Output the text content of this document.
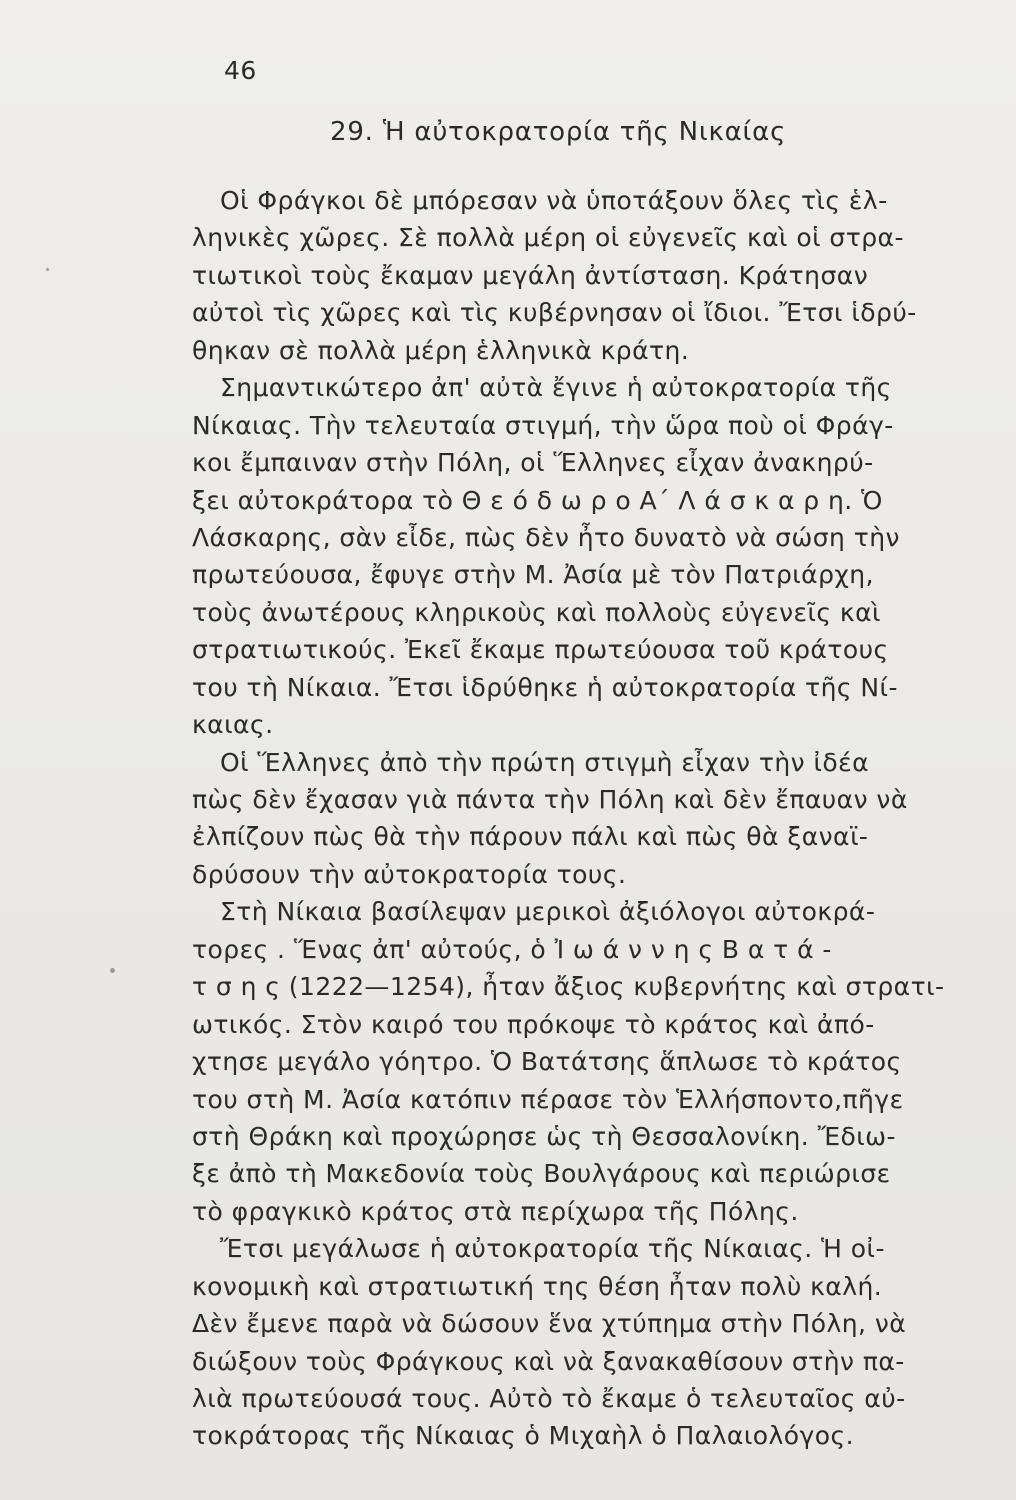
46
29. Ἡ αὐτοκρατορία τῆς Νικαίας
Οἱ Φράγκοι δὲ μπόρεσαν νὰ ὑποτάξουν ὅλες τὶς ἑλ-
ληνικὲς χῶρες. Σὲ πολλὰ μέρη οἱ εὐγενεῖς καὶ οἱ στρα-
τιωτικοὶ τοὺς ἔκαμαν μεγάλη ἀντίσταση. Κράτησαν
αὐτοὶ τὶς χῶρες καὶ τὶς κυβέρνησαν οἱ ἴδιοι. Ἔτσι ἱδρύ-
θηκαν σὲ πολλὰ μέρη ἑλληνικὰ κράτη.
Σημαντικώτερο ἀπ' αὐτὰ ἔγινε ἡ αὐτοκρατορία τῆς
Νίκαιας. Τὴν τελευταία στιγμή, τὴν ὥρα ποὺ οἱ Φράγ-
κοι ἔμπαιναν στὴν Πόλη, οἱ Ἕλληνες εἶχαν ἀνακηρύ-
ξει αὐτοκράτορα τὸ Θ ε ό δ ω ρ ο Α΄ Λ ά σ κ α ρ η. Ὁ
Λάσκαρης, σὰν εἶδε, πὼς δὲν ἦτο δυνατὸ νὰ σώση τὴν
πρωτεύουσα, ἔφυγε στὴν Μ. Ἀσία μὲ τὸν Πατριάρχη,
τοὺς ἀνωτέρους κληρικοὺς καὶ πολλοὺς εὐγενεῖς καὶ
στρατιωτικούς. Ἐκεῖ ἔκαμε πρωτεύουσα τοῦ κράτους
του τὴ Νίκαια. Ἔτσι ἱδρύθηκε ἡ αὐτοκρατορία τῆς Νί-
καιας.
Οἱ Ἕλληνες ἀπὸ τὴν πρώτη στιγμὴ εἶχαν τὴν ἰδέα
πὼς δὲν ἔχασαν γιὰ πάντα τὴν Πόλη καὶ δὲν ἔπαυαν νὰ
ἐλπίζουν πὼς θὰ τὴν πάρουν πάλι καὶ πὼς θὰ ξαναϊ-
δρύσουν τὴν αὐτοκρατορία τους.
Στὴ Νίκαια βασίλεψαν μερικοὶ ἀξιόλογοι αὐτοκρά-
τορες . Ἕνας ἀπ' αὐτούς, ὁ Ἰ ω ά ν ν η ς Β α τ ά -
τ σ η ς (1222—1254), ἦταν ἄξιος κυβερνήτης καὶ στρατι-
ωτικός. Στὸν καιρό του πρόκοψε τὸ κράτος καὶ ἀπό-
χτησε μεγάλο γόητρο. Ὁ Βατάτσης ἅπλωσε τὸ κράτος
του στὴ Μ. Ἀσία κατόπιν πέρασε τὸν Ἑλλήσποντο,πῆγε
στὴ Θράκη καὶ προχώρησε ὡς τὴ Θεσσαλονίκη. Ἔδιω-
ξε ἀπὸ τὴ Μακεδονία τοὺς Βουλγάρους καὶ περιώρισε
τὸ φραγκικὸ κράτος στὰ περίχωρα τῆς Πόλης.
Ἔτσι μεγάλωσε ἡ αὐτοκρατορία τῆς Νίκαιας. Ἡ οἰ-
κονομικὴ καὶ στρατιωτική της θέση ἦταν πολὺ καλή.
Δὲν ἔμενε παρὰ νὰ δώσουν ἕνα χτύπημα στὴν Πόλη, νὰ
διώξουν τοὺς Φράγκους καὶ νὰ ξανακαθίσουν στὴν πα-
λιὰ πρωτεύουσά τους. Αὐτὸ τὸ ἔκαμε ὁ τελευταῖος αὐ-
τοκράτορας τῆς Νίκαιας ὁ Μιχαὴλ ὁ Παλαιολόγος.
